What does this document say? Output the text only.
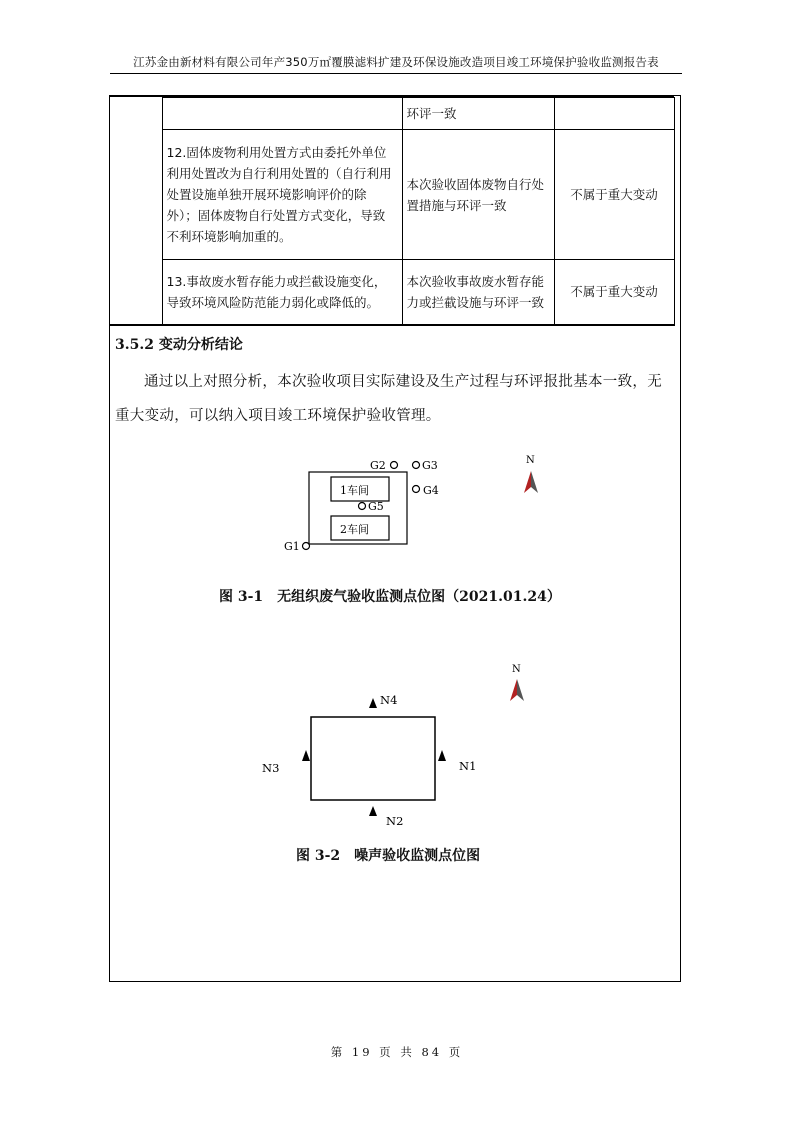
江苏金由新材料有限公司年产350万㎡覆膜滤料扩建及环保设施改造项目竣工环境保护验收监测报告表
		环评一致	
	12.固体废物利用处置方式由委托外单位利用处置改为自行利用处置的（自行利用处置设施单独开展环境影响评价的除外）；固体废物自行处置方式变化，导致不利环境影响加重的。	本次验收固体废物自行处置措施与环评一致	不属于重大变动
	13.事故废水暂存能力或拦截设施变化，导致环境风险防范能力弱化或降低的。	本次验收事故废水暂存能力或拦截设施与环评一致	不属于重大变动
3.5.2 变动分析结论
通过以上对照分析，本次验收项目实际建设及生产过程与环评报批基本一致，无重大变动，可以纳入项目竣工环境保护验收管理。
1车间
2车间
G2	G3
G4
G5
G1
N
N4
N1
N3
N2
N
图 3-1　无组织废气验收监测点位图（2021.01.24）
图 3-2　噪声验收监测点位图
第 19 页 共 84 页
